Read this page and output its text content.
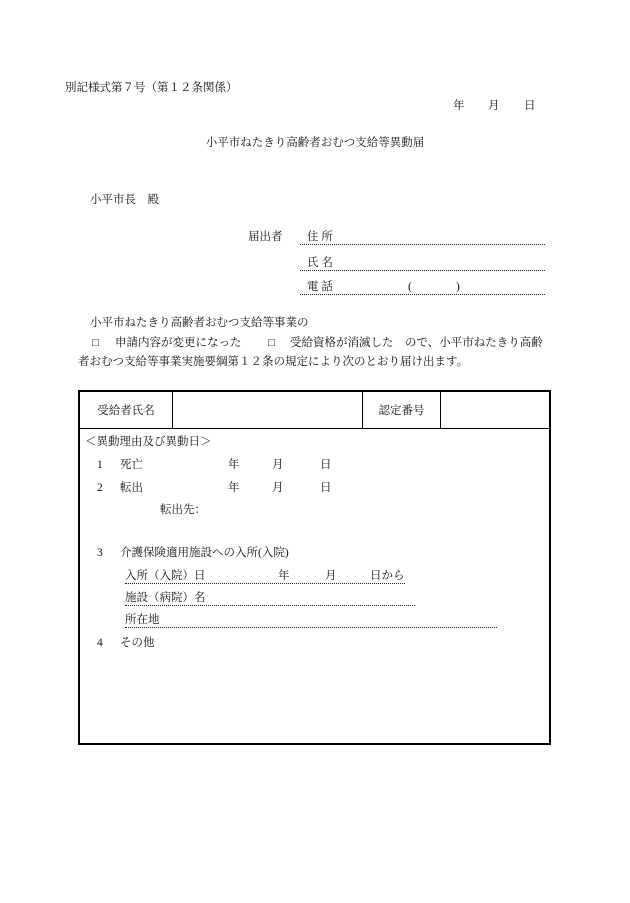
別記様式第７号（第１２条関係）
年 月 日
小平市ねたきり高齢者おむつ支給等異動届
小平市長　殿
届出者 住 所
氏 名
電 話	(	)
小平市ねたきり高齢者おむつ支給等事業の
□ 申請内容が変更になった □ 受給資格が消滅した ので、小平市ねたきり高齢
者おむつ支給等事業実施要綱第１２条の規定により次のとおり届け出ます。
受給者氏名	認定番号
＜異動理由及び異動日＞
1 死亡	年	月	日
2 転出	年	月	日
転出先：
3 介護保険適用施設への入所(入院)
入所（入院）日	年	月	日から
施設（病院）名
所在地
4 その他
